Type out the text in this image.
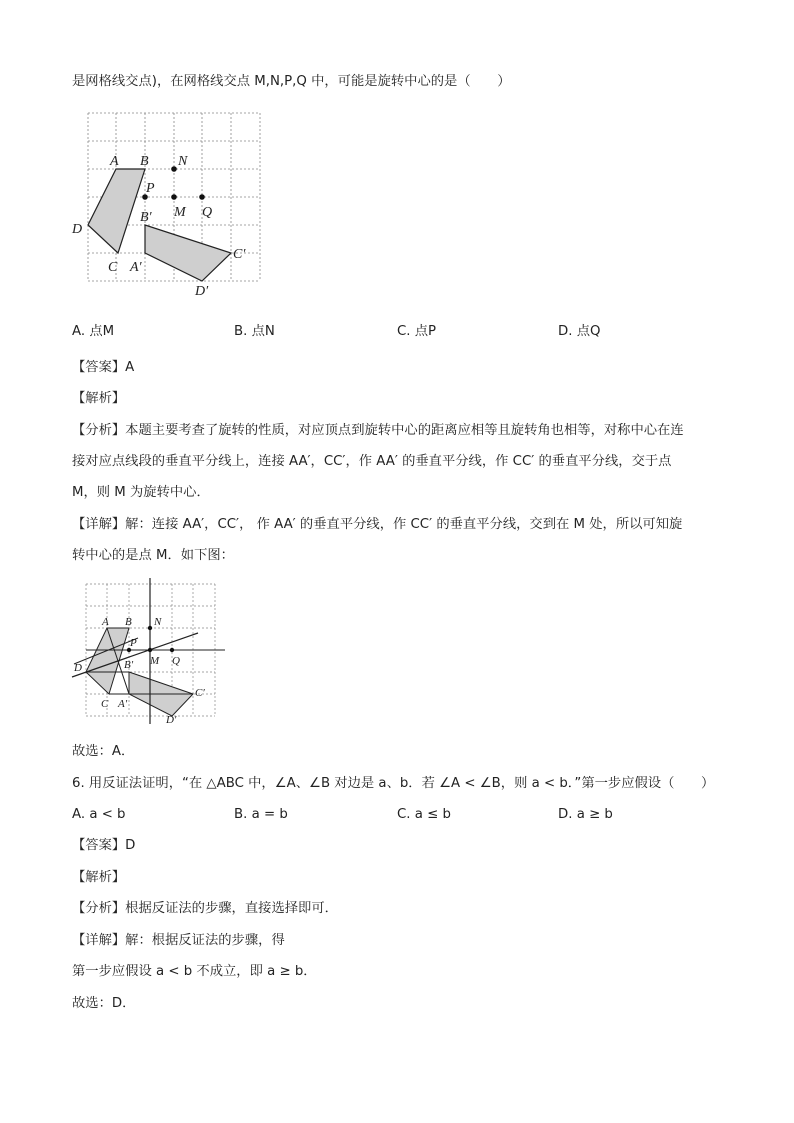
是网格线交点)，在网格线交点 M,N,P,Q 中，可能是旋转中心的是（　　）
A B N
P
M Q
B′
D
C A′
C′
D′
A. 点M	B. 点N	C. 点P	D. 点Q
【答案】A
【解析】
【分析】本题主要考查了旋转的性质，对应顶点到旋转中心的距离应相等且旋转角也相等，对称中心在连
接对应点线段的垂直平分线上，连接 AA′，CC′，作 AA′ 的垂直平分线，作 CC′ 的垂直平分线，交于点
M，则 M 为旋转中心．
【详解】解：连接 AA′，CC′， 作 AA′ 的垂直平分线，作 CC′ 的垂直平分线，交到在 M 处，所以可知旋
转中心的是点 M．如下图：
A B N
P
M Q
B′
D
C A′
C′
D′
故选：A．
6. 用反证法证明，“在 △ABC 中，∠A、∠B 对边是 a、b．若 ∠A < ∠B，则 a < b．”第一步应假设（　　）
A. a < b	B. a = b	C. a ≤ b	D. a ≥ b
【答案】D
【解析】
【分析】根据反证法的步骤，直接选择即可．
【详解】解：根据反证法的步骤，得
第一步应假设 a < b 不成立，即 a ≥ b．
故选：D．
